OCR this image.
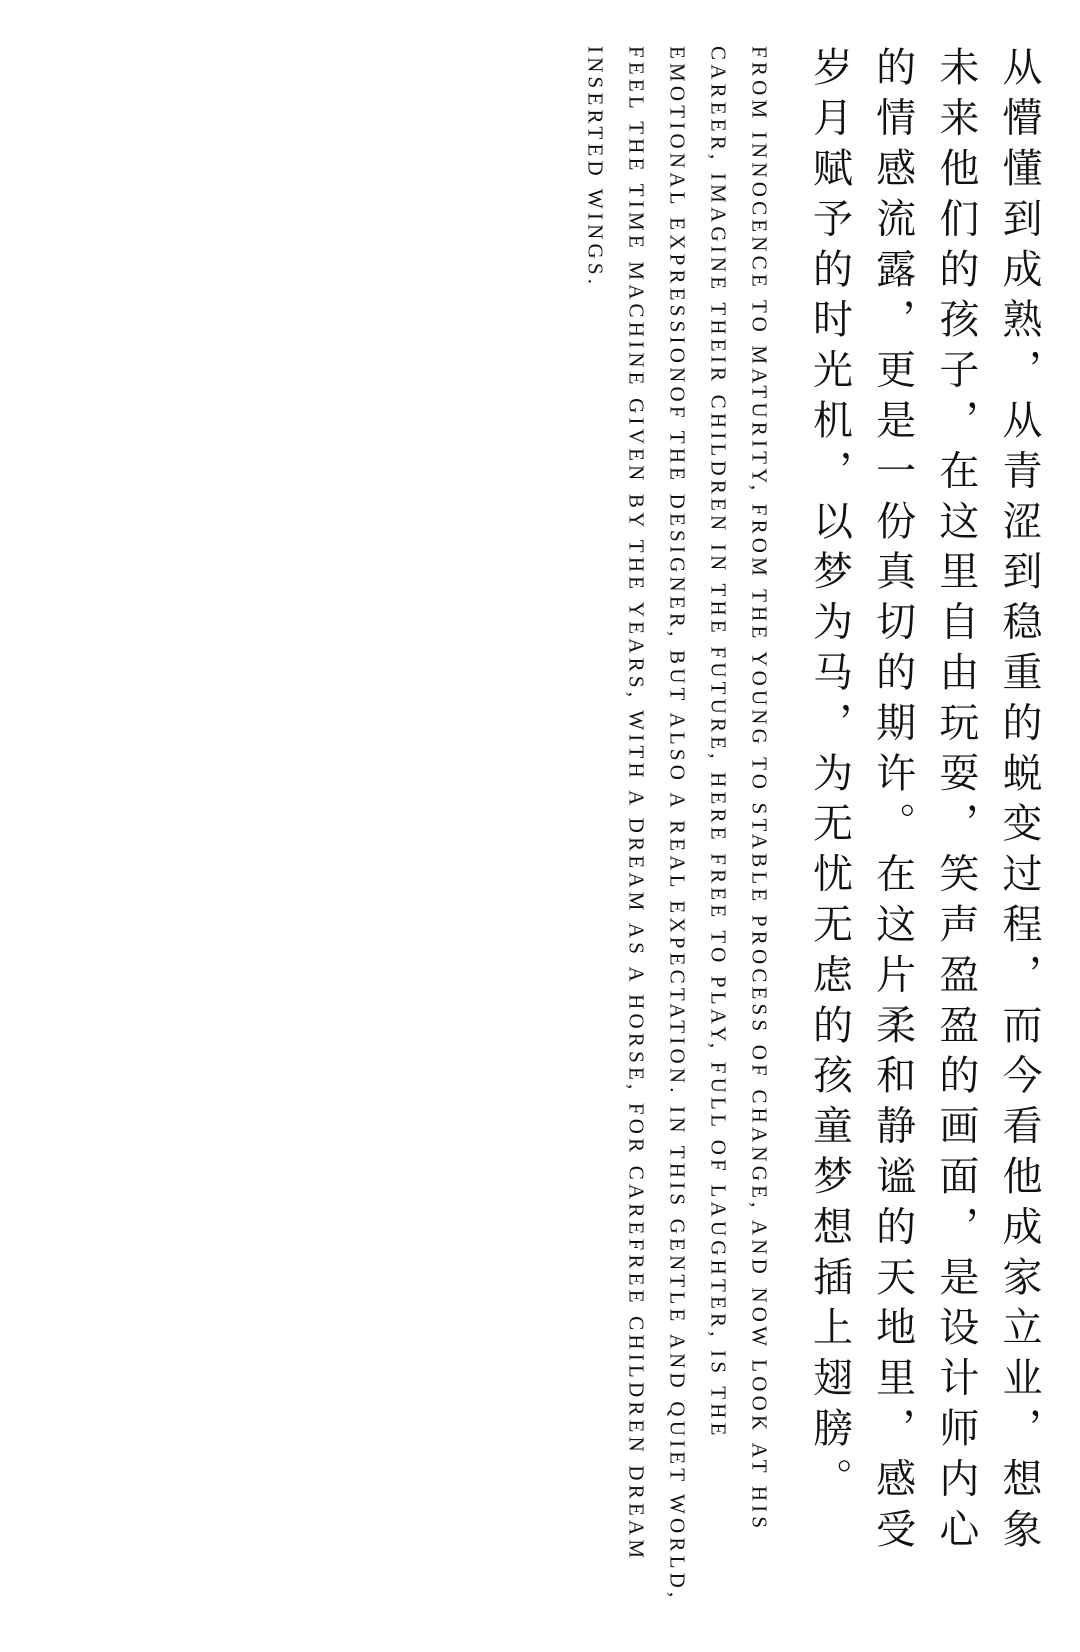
从懵懂到成熟，从青涩到稳重的蜕变过程，而今看他成家立业，想象未来他们的孩子，在这里自由玩耍，笑声盈盈的画面，是设计师内心的情感流露，更是一份真切的期许。在这片柔和静谧的天地里，感受岁月赋予的时光机，以梦为马，为无忧无虑的孩童梦想插上翅膀。
FROM INNOCENCE TO MATURITY, FROM THE YOUNG TO STABLE PROCESS OF CHANGE, AND NOW LOOK AT HIS CAREER, IMAGINE THEIR CHILDREN IN THE FUTURE, HERE FREE TO PLAY, FULL OF LAUGHTER, IS THE EMOTIONAL EXPRESSIONOF THE DESIGNER, BUT ALSO A REAL EXPECTATION. IN THIS GENTLE AND QUIET WORLD, FEEL THE TIME MACHINE GIVEN BY THE YEARS, WITH A DREAM AS A HORSE, FOR CAREFREE CHILDREN DREAM INSERTED WINGS.
